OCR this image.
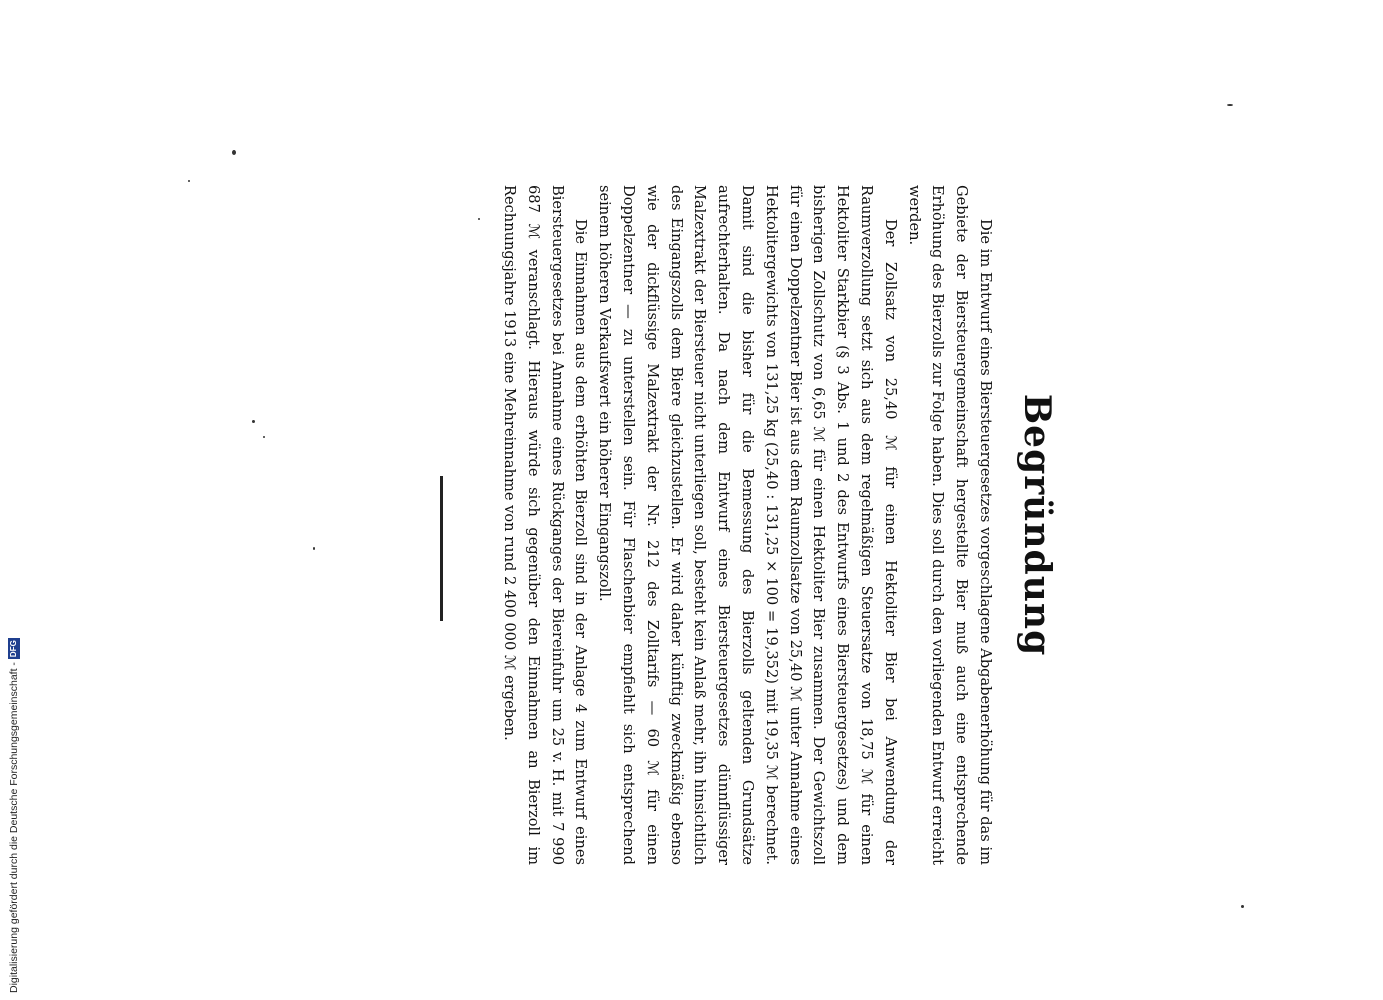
Begründung

Die im Entwurf eines Biersteuergesetzes vorgeschlagene Abgabenerhöhung für das im Gebiete der Biersteuergemeinschaft hergestellte Bier muß auch eine entsprechende Erhöhung des Bierzolls zur Folge haben. Dies soll durch den vorliegenden Entwurf erreicht werden.

Der Zollsatz von 25,40 ℳ für einen Hektoliter Bier bei Anwendung der Raumverzollung setzt sich aus dem regelmäßigen Steuersatze von 18,75 ℳ für einen Hektoliter Starkbier (§ 3 Abs. 1 und 2 des Entwurfs eines Biersteuergesetzes) und dem bisherigen Zollschutz von 6,65 ℳ für einen Hektoliter Bier zusammen. Der Gewichtszoll für einen Doppelzentner Bier ist aus dem Raumzollsatze von 25,40 ℳ unter Annahme eines Hektolitergewichts von 131,25 kg (25,40 : 131,25 × 100 = 19,352) mit 19,35 ℳ berechnet. Damit sind die bisher für die Bemessung des Bierzolls geltenden Grundsätze aufrechterhalten. Da nach dem Entwurf eines Biersteuergesetzes dünnflüssiger Malzextrakt der Biersteuer nicht unterliegen soll, besteht kein Anlaß mehr, ihn hinsichtlich des Eingangszolls dem Biere gleichzustellen. Er wird daher künftig zweckmäßig ebenso wie der dickflüssige Malzextrakt der Nr. 212 des Zolltarifs — 60 ℳ für einen Doppelzentner — zu unterstellen sein. Für Flaschenbier empfiehlt sich entsprechend seinem höheren Verkaufswert ein höherer Eingangszoll.

Die Einnahmen aus dem erhöhten Bierzoll sind in der Anlage 4 zum Entwurf eines Biersteuergesetzes bei Annahme eines Rückganges der Biereinfuhr um 25 v. H. mit 7 990 687 ℳ veranschlagt. Hieraus würde sich gegenüber den Einnahmen an Bierzoll im Rechnungsjahre 1913 eine Mehreinnahme von rund 2 400 000 ℳ ergeben.

Digitalisierung gefördert durch die Deutsche Forschungsgemeinschaft -
DFG
